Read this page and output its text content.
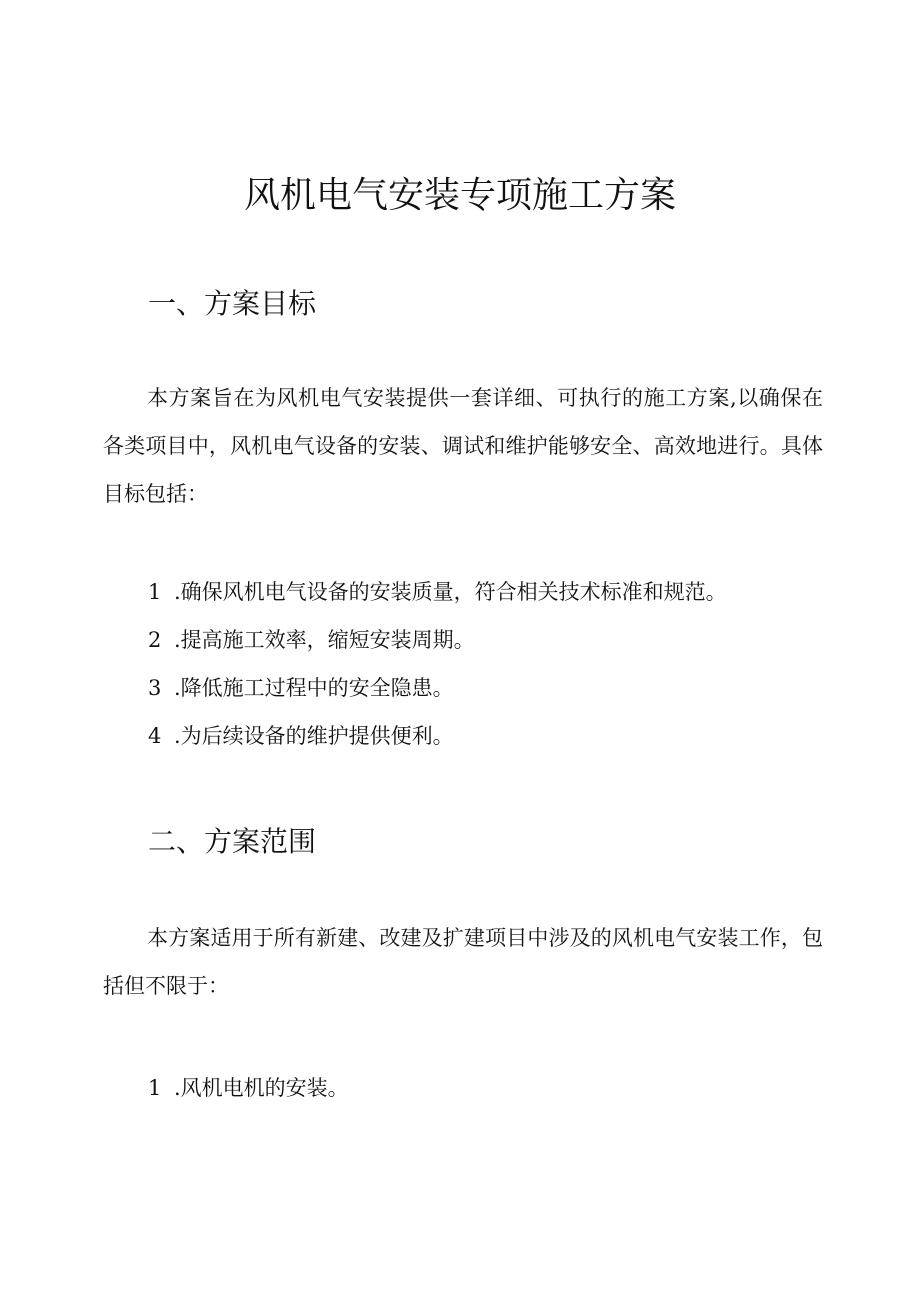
风机电气安装专项施工方案
一、方案目标

本方案旨在为风机电气安装提供一套详细、可执行的施工方案,以确保在各类项目中，风机电气设备的安装、调试和维护能够安全、高效地进行。具体目标包括：

1 .确保风机电气设备的安装质量，符合相关技术标准和规范。

2 .提高施工效率，缩短安装周期。

3 .降低施工过程中的安全隐患。

4 .为后续设备的维护提供便利。

二、方案范围

本方案适用于所有新建、改建及扩建项目中涉及的风机电气安装工作，包括但不限于：

1 .风机电机的安装。
